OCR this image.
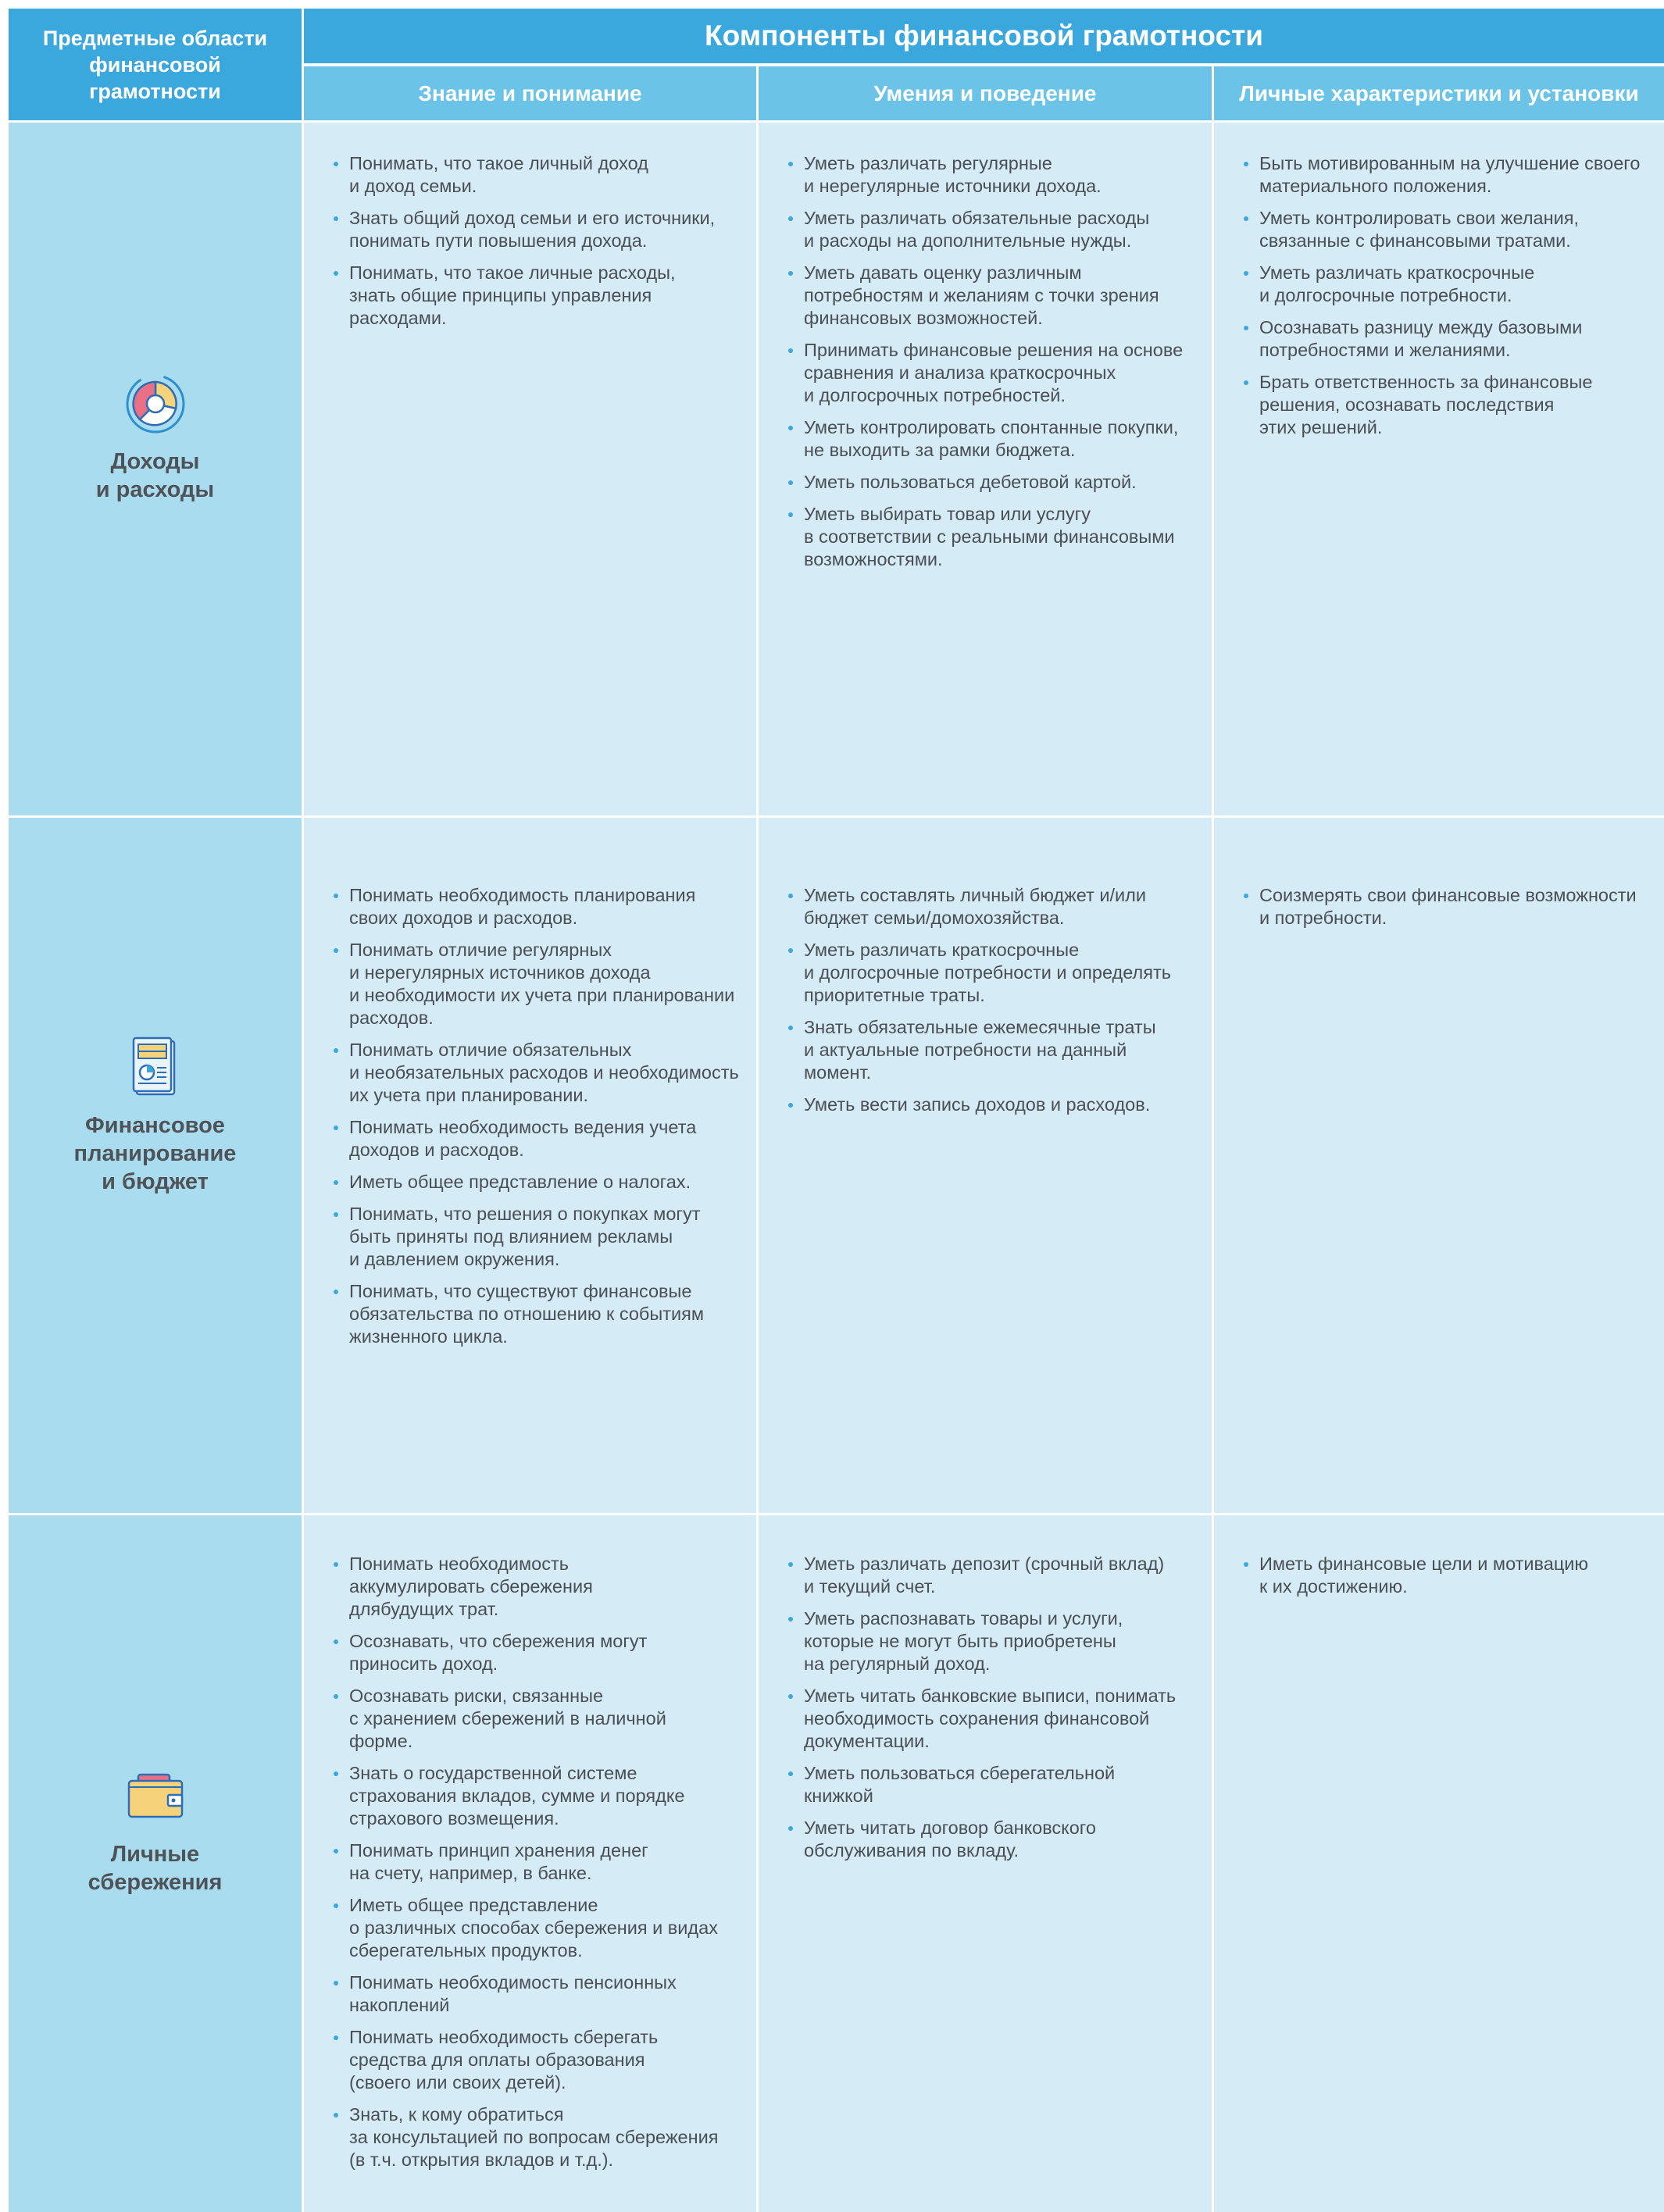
Предметные области
финансовой
грамотности
Компоненты финансовой грамотности
Знание и понимание	Умения и поведение	Личные характеристики и установки
Доходы
и расходы
Понимать, что такое личный доход
и доход семьи.
Знать общий доход семьи и его источники,
понимать пути повышения дохода.
Понимать, что такое личные расходы,
знать общие принципы управления
расходами.
Уметь различать регулярные
и нерегулярные источники дохода.
Уметь различать обязательные расходы
и расходы на дополнительные нужды.
Уметь давать оценку различным
потребностям и желаниям с точки зрения
финансовых возможностей.
Принимать финансовые решения на основе
сравнения и анализа краткосрочных
и долгосрочных потребностей.
Уметь контролировать спонтанные покупки,
не выходить за рамки бюджета.
Уметь пользоваться дебетовой картой.
Уметь выбирать товар или услугу
в соответствии с реальными финансовыми
возможностями.
Быть мотивированным на улучшение своего
материального положения.
Уметь контролировать свои желания,
связанные с финансовыми тратами.
Уметь различать краткосрочные
и долгосрочные потребности.
Осознавать разницу между базовыми
потребностями и желаниями.
Брать ответственность за финансовые
решения, осознавать последствия
этих решений.
Финансовое
планирование
и бюджет
Понимать необходимость планирования
своих доходов и расходов.
Понимать отличие регулярных
и нерегулярных источников дохода
и необходимости их учета при планировании
расходов.
Понимать отличие обязательных
и необязательных расходов и необходимость
их учета при планировании.
Понимать необходимость ведения учета
доходов и расходов.
Иметь общее представление о налогах.
Понимать, что решения о покупках могут
быть приняты под влиянием рекламы
и давлением окружения.
Понимать, что существуют финансовые
обязательства по отношению к событиям
жизненного цикла.
Уметь составлять личный бюджет и/или
бюджет семьи/домохозяйства.
Уметь различать краткосрочные
и долгосрочные потребности и определять
приоритетные траты.
Знать обязательные ежемесячные траты
и актуальные потребности на данный
момент.
Уметь вести запись доходов и расходов.
Соизмерять свои финансовые возможности
и потребности.
Личные
сбережения
Понимать необходимость
аккумулировать сбережения
длябудущих трат.
Осознавать, что сбережения могут
приносить доход.
Осознавать риски, связанные
с хранением сбережений в наличной
форме.
Знать о государственной системе
страхования вкладов, сумме и порядке
страхового возмещения.
Понимать принцип хранения денег
на счету, например, в банке.
Иметь общее представление
о различных способах сбережения и видах
сберегательных продуктов.
Понимать необходимость пенсионных
накоплений
Понимать необходимость сберегать
средства для оплаты образования
(своего или своих детей).
Знать, к кому обратиться
за консультацией по вопросам сбережения
(в т.ч. открытия вкладов и т.д.).
Уметь различать депозит (срочный вклад)
и текущий счет.
Уметь распознавать товары и услуги,
которые не могут быть приобретены
на регулярный доход.
Уметь читать банковские выписи, понимать
необходимость сохранения финансовой
документации.
Уметь пользоваться сберегательной
книжкой
Уметь читать договор банковского
обслуживания по вкладу.
Иметь финансовые цели и мотивацию
к их достижению.
